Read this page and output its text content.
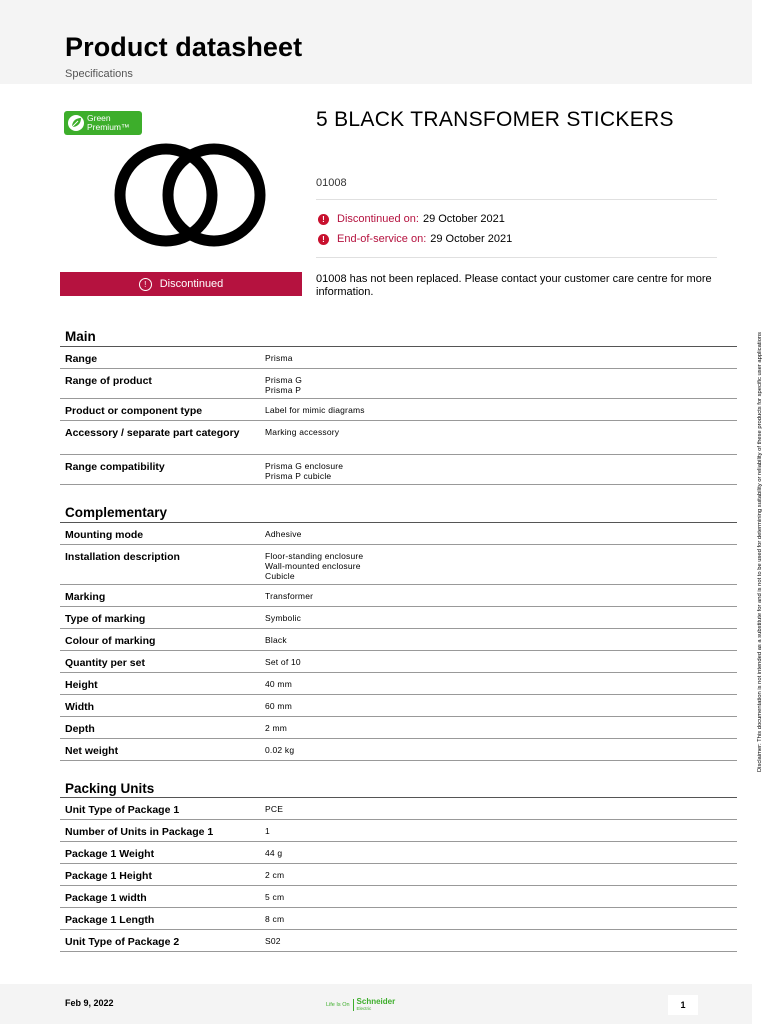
Product datasheet
Specifications
Green
Premium™	5 BLACK TRANSFOMER STICKERS
01008
!	Discontinued on: 29 October 2021
!	End-of-service on: 29 October 2021
!	Discontinued	01008 has not been replaced. Please contact your customer care centre for more information.
Main
Range	Prisma
Range of product	Prisma G
Prisma P
Product or component type	Label for mimic diagrams
Accessory / separate part category	Marking accessory
Range compatibility	Prisma G enclosure
Prisma P cubicle
Complementary
Mounting mode	Adhesive
Installation description	Floor-standing enclosure
Wall-mounted enclosure
Cubicle
Marking	Transformer
Type of marking	Symbolic
Colour of marking	Black
Quantity per set	Set of 10
Height	40 mm
Width	60 mm
Depth	2 mm
Net weight	0.02 kg
Packing Units
Unit Type of Package 1	PCE
Number of Units in Package 1	1
Package 1 Weight	44 g
Package 1 Height	2 cm
Package 1 width	5 cm
Package 1 Length	8 cm
Unit Type of Package 2	S02
Disclaimer: This documentation is not intended as a substitute for and is not to be used for determining suitability or reliability of these products for specific user applications
Feb 9, 2022	Life Is On Schneider
Electric	1
